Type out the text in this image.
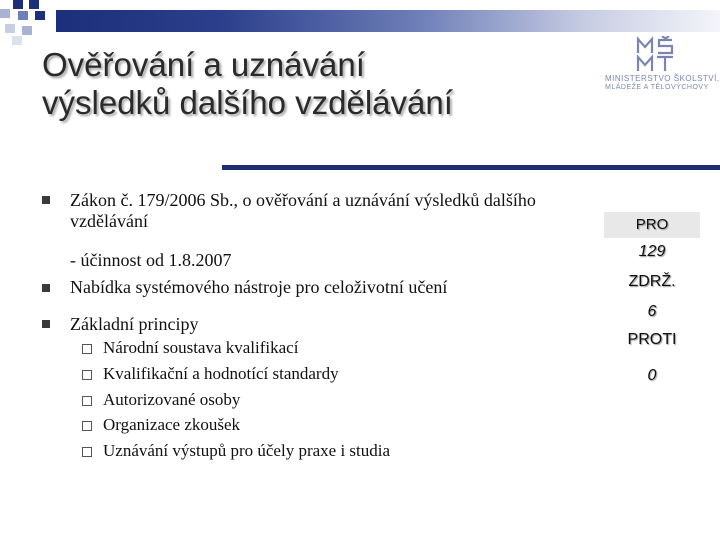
Ověřování a uznávání
výsledků dalšího vzdělávání
MINISTERSTVO ŠKOLSTVÍ,
MLÁDEŽE A TĚLOVÝCHOVY

Zákon č. 179/2006 Sb., o ověřování a uznávání výsledků dalšího

vzdělávání

- účinnost od 1.8.2007

Nabídka systémového nástroje pro celoživotní učení

Základní principy

Národní soustava kvalifikací
Kvalifikační a hodnotící standardy
Autorizované osoby
Organizace zkoušek
Uznávání výstupů pro účely praxe i studia
PRO
129
ZDRŽ.
6
PROTI
0
